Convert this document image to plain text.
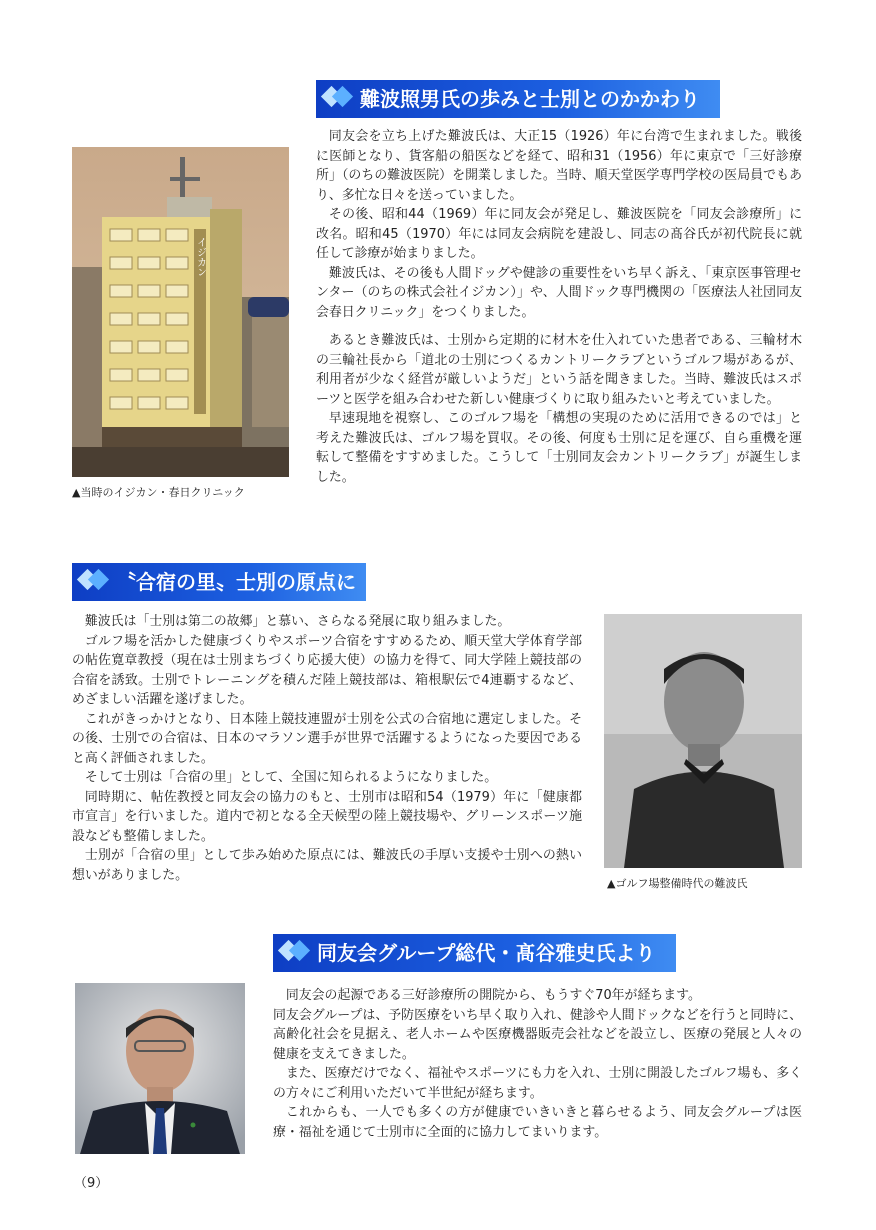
難波照男氏の歩みと士別とのかかわり
イジカン
▲当時のイジカン・春日クリニック

同友会を立ち上げた難波氏は、大正15（1926）年に台湾で生まれました。戦後に医師となり、貨客船の船医などを経て、昭和31（1956）年に東京で「三好診療所」（のちの難波医院）を開業しました。当時、順天堂医学専門学校の医局員でもあり、多忙な日々を送っていました。

その後、昭和44（1969）年に同友会が発足し、難波医院を「同友会診療所」に改名。昭和45（1970）年には同友会病院を建設し、同志の髙谷氏が初代院長に就任して診療が始まりました。

難波氏は、その後も人間ドッグや健診の重要性をいち早く訴え、「東京医事管理センター（のちの株式会社イジカン）」や、人間ドック専門機関の「医療法人社団同友会春日クリニック」をつくりました。

あるとき難波氏は、士別から定期的に材木を仕入れていた患者である、三輪材木の三輪社長から「道北の士別につくるカントリークラブというゴルフ場があるが、利用者が少なく経営が厳しいようだ」という話を聞きました。当時、難波氏はスポーツと医学を組み合わせた新しい健康づくりに取り組みたいと考えていました。

早速現地を視察し、このゴルフ場を「構想の実現のために活用できるのでは」と考えた難波氏は、ゴルフ場を買収。その後、何度も士別に足を運び、自ら重機を運転して整備をすすめました。こうして「士別同友会カントリークラブ」が誕生しました。

〝合宿の里〟士別の原点に

難波氏は「士別は第二の故郷」と慕い、さらなる発展に取り組みました。

ゴルフ場を活かした健康づくりやスポーツ合宿をすすめるため、順天堂大学体育学部の帖佐寛章教授（現在は士別まちづくり応援大使）の協力を得て、同大学陸上競技部の合宿を誘致。士別でトレーニングを積んだ陸上競技部は、箱根駅伝で4連覇するなど、めざましい活躍を遂げました。

これがきっかけとなり、日本陸上競技連盟が士別を公式の合宿地に選定しました。その後、士別での合宿は、日本のマラソン選手が世界で活躍するようになった要因であると高く評価されました。

そして士別は「合宿の里」として、全国に知られるようになりました。

同時期に、帖佐教授と同友会の協力のもと、士別市は昭和54（1979）年に「健康都市宣言」を行いました。道内で初となる全天候型の陸上競技場や、グリーンスポーツ施設なども整備しました。

士別が「合宿の里」として歩み始めた原点には、難波氏の手厚い支援や士別への熱い想いがありました。

▲ゴルフ場整備時代の難波氏
同友会グループ総代・髙谷雅史氏より

同友会の起源である三好診療所の開院から、もうすぐ70年が経ちます。

同友会グループは、予防医療をいち早く取り入れ、健診や人間ドックなどを行うと同時に、高齢化社会を見据え、老人ホームや医療機器販売会社などを設立し、医療の発展と人々の健康を支えてきました。

また、医療だけでなく、福祉やスポーツにも力を入れ、士別に開設したゴルフ場も、多くの方々にご利用いただいて半世紀が経ちます。

これからも、一人でも多くの方が健康でいきいきと暮らせるよう、同友会グループは医療・福祉を通じて士別市に全面的に協力してまいります。

（9）
